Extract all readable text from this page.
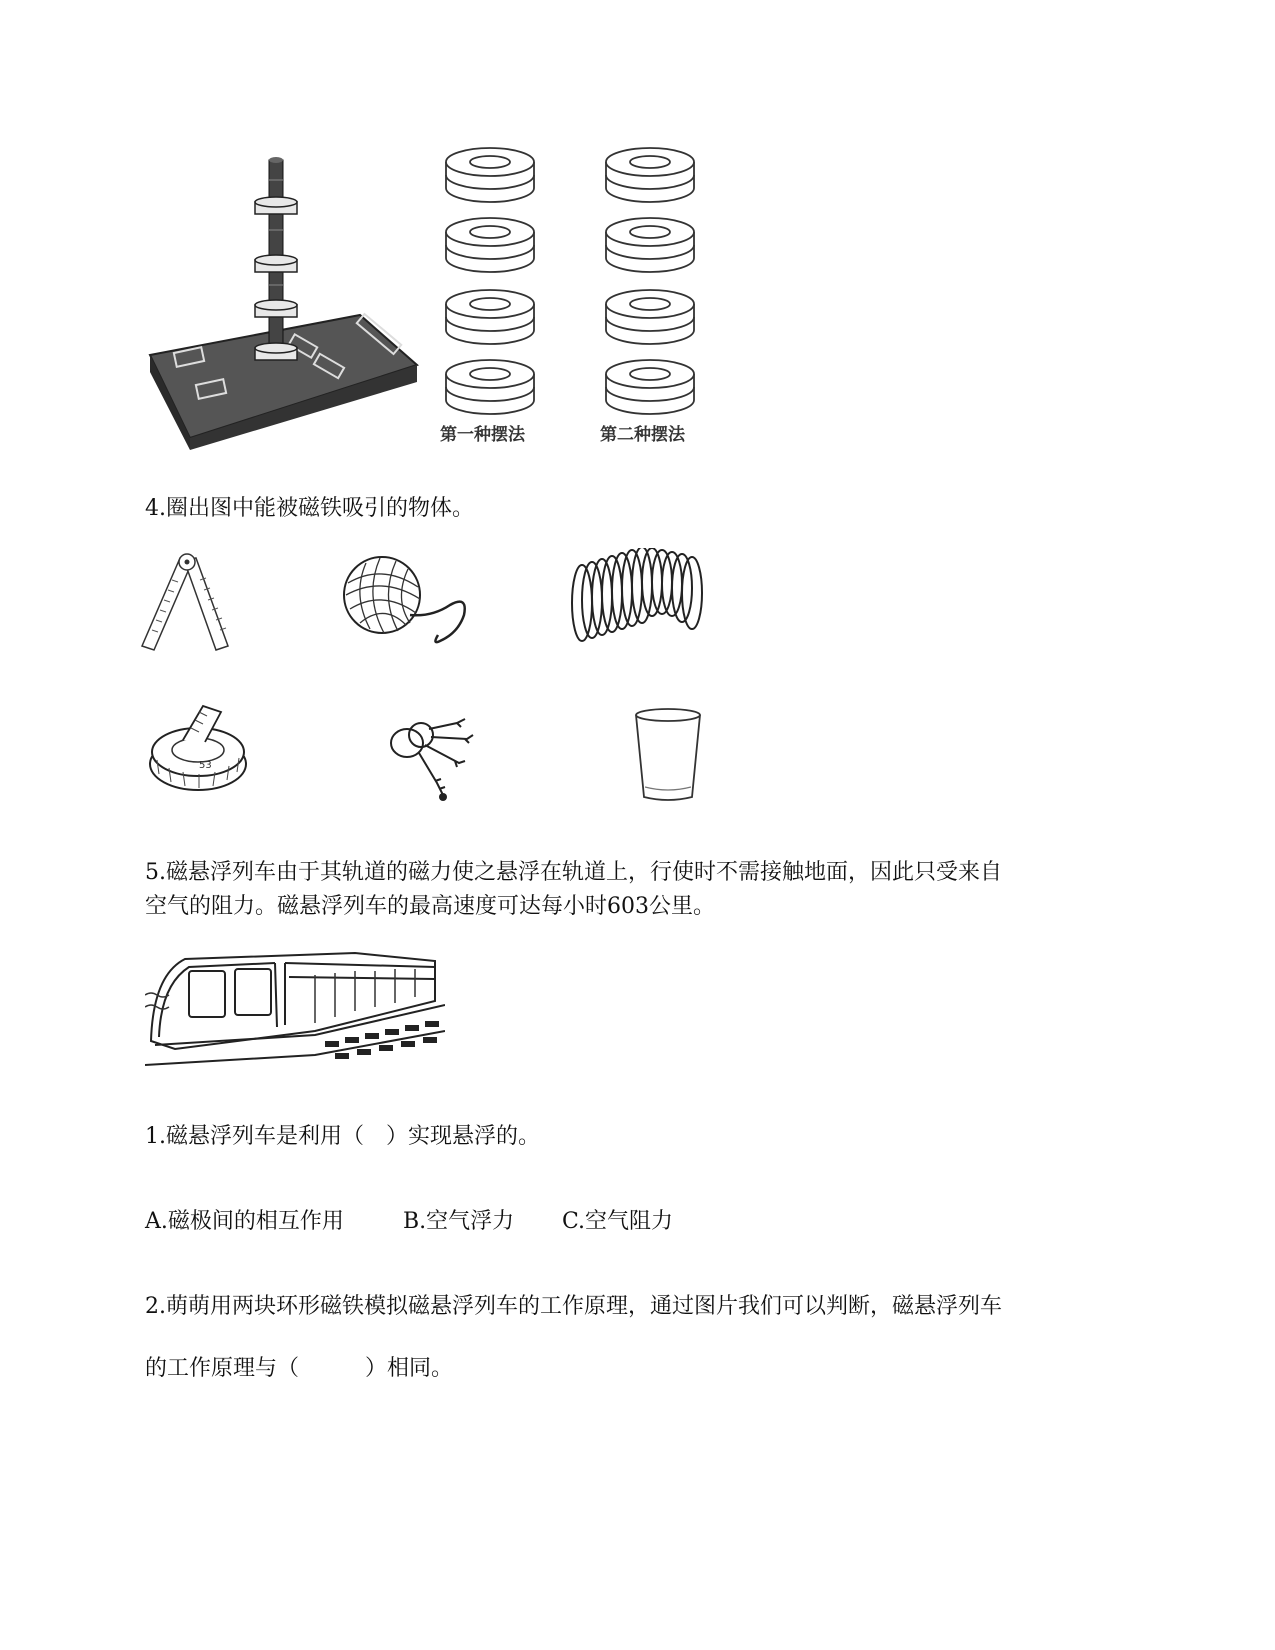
第一种摆法	第二种摆法
4.圈出图中能被磁铁吸引的物体。
53
5.磁悬浮列车由于其轨道的磁力使之悬浮在轨道上，行使时不需接触地面，因此只受来自
空气的阻力。磁悬浮列车的最高速度可达每小时603公里。
1.磁悬浮列车是利用（　）实现悬浮的。
A.磁极间的相互作用	B.空气浮力 C.空气阻力
2.萌萌用两块环形磁铁模拟磁悬浮列车的工作原理，通过图片我们可以判断，磁悬浮列车
的工作原理与（　　　）相同。
